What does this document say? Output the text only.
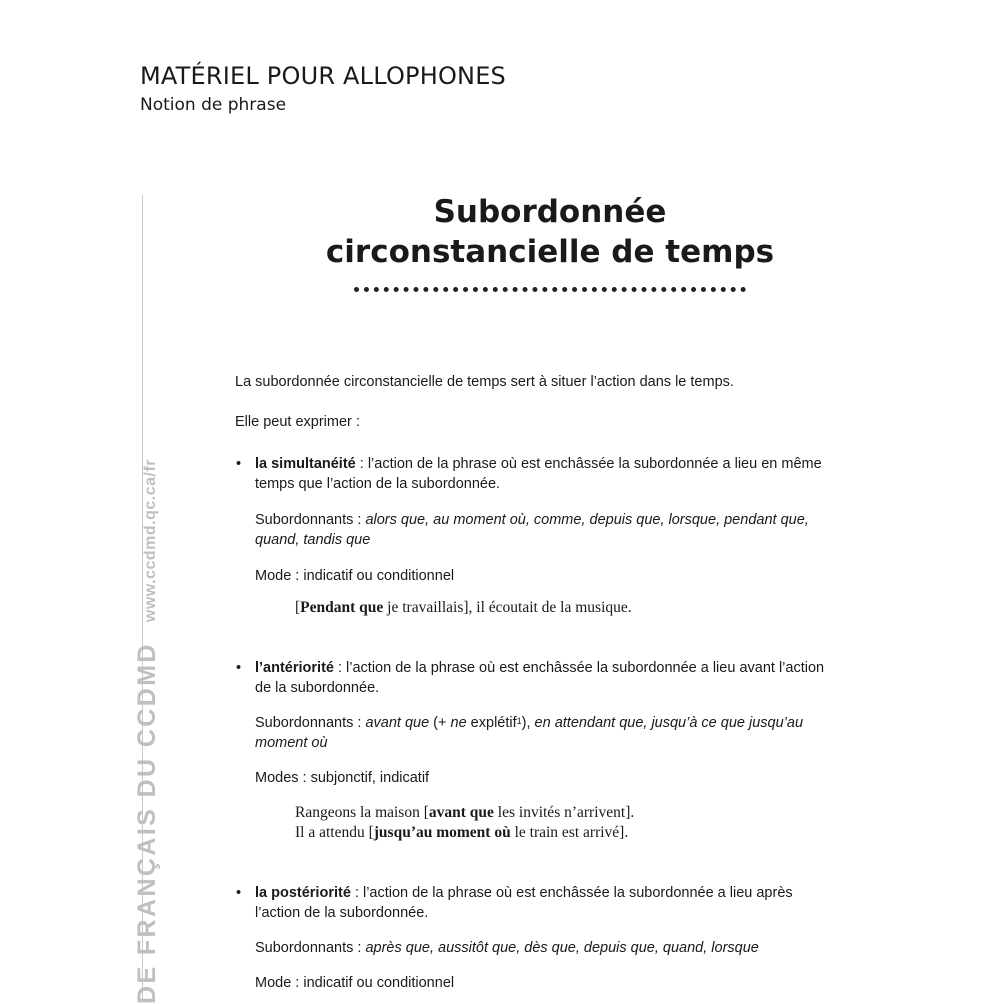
MATÉRIEL POUR ALLOPHONES
Notion de phrase
DE FRANÇAIS DU CCDMDwww.ccdmd.qc.ca/fr
Subordonnée
circonstancielle de temps
La subordonnée circonstancielle de temps sert à situer l’action dans le temps.
Elle peut exprimer :
• la simultanéité : l’action de la phrase où est enchâssée la subordonnée a lieu en même
temps que l’action de la subordonnée.
Subordonnants : alors que, au moment où, comme, depuis que, lorsque, pendant que,
quand, tandis que
Mode : indicatif ou conditionnel
[Pendant que je travaillais], il écoutait de la musique.
• l’antériorité : l’action de la phrase où est enchâssée la subordonnée a lieu avant l’action
de la subordonnée.
Subordonnants : avant que (+ ne explétif$^1$), en attendant que, jusqu’à ce que jusqu’au
moment où
Modes : subjonctif, indicatif
Rangeons la maison [avant que les invités n’arrivent].
Il a attendu [jusqu’au moment où le train est arrivé].
• la postériorité : l’action de la phrase où est enchâssée la subordonnée a lieu après
l’action de la subordonnée.
Subordonnants : après que, aussitôt que, dès que, depuis que, quand, lorsque
Mode : indicatif ou conditionnel
